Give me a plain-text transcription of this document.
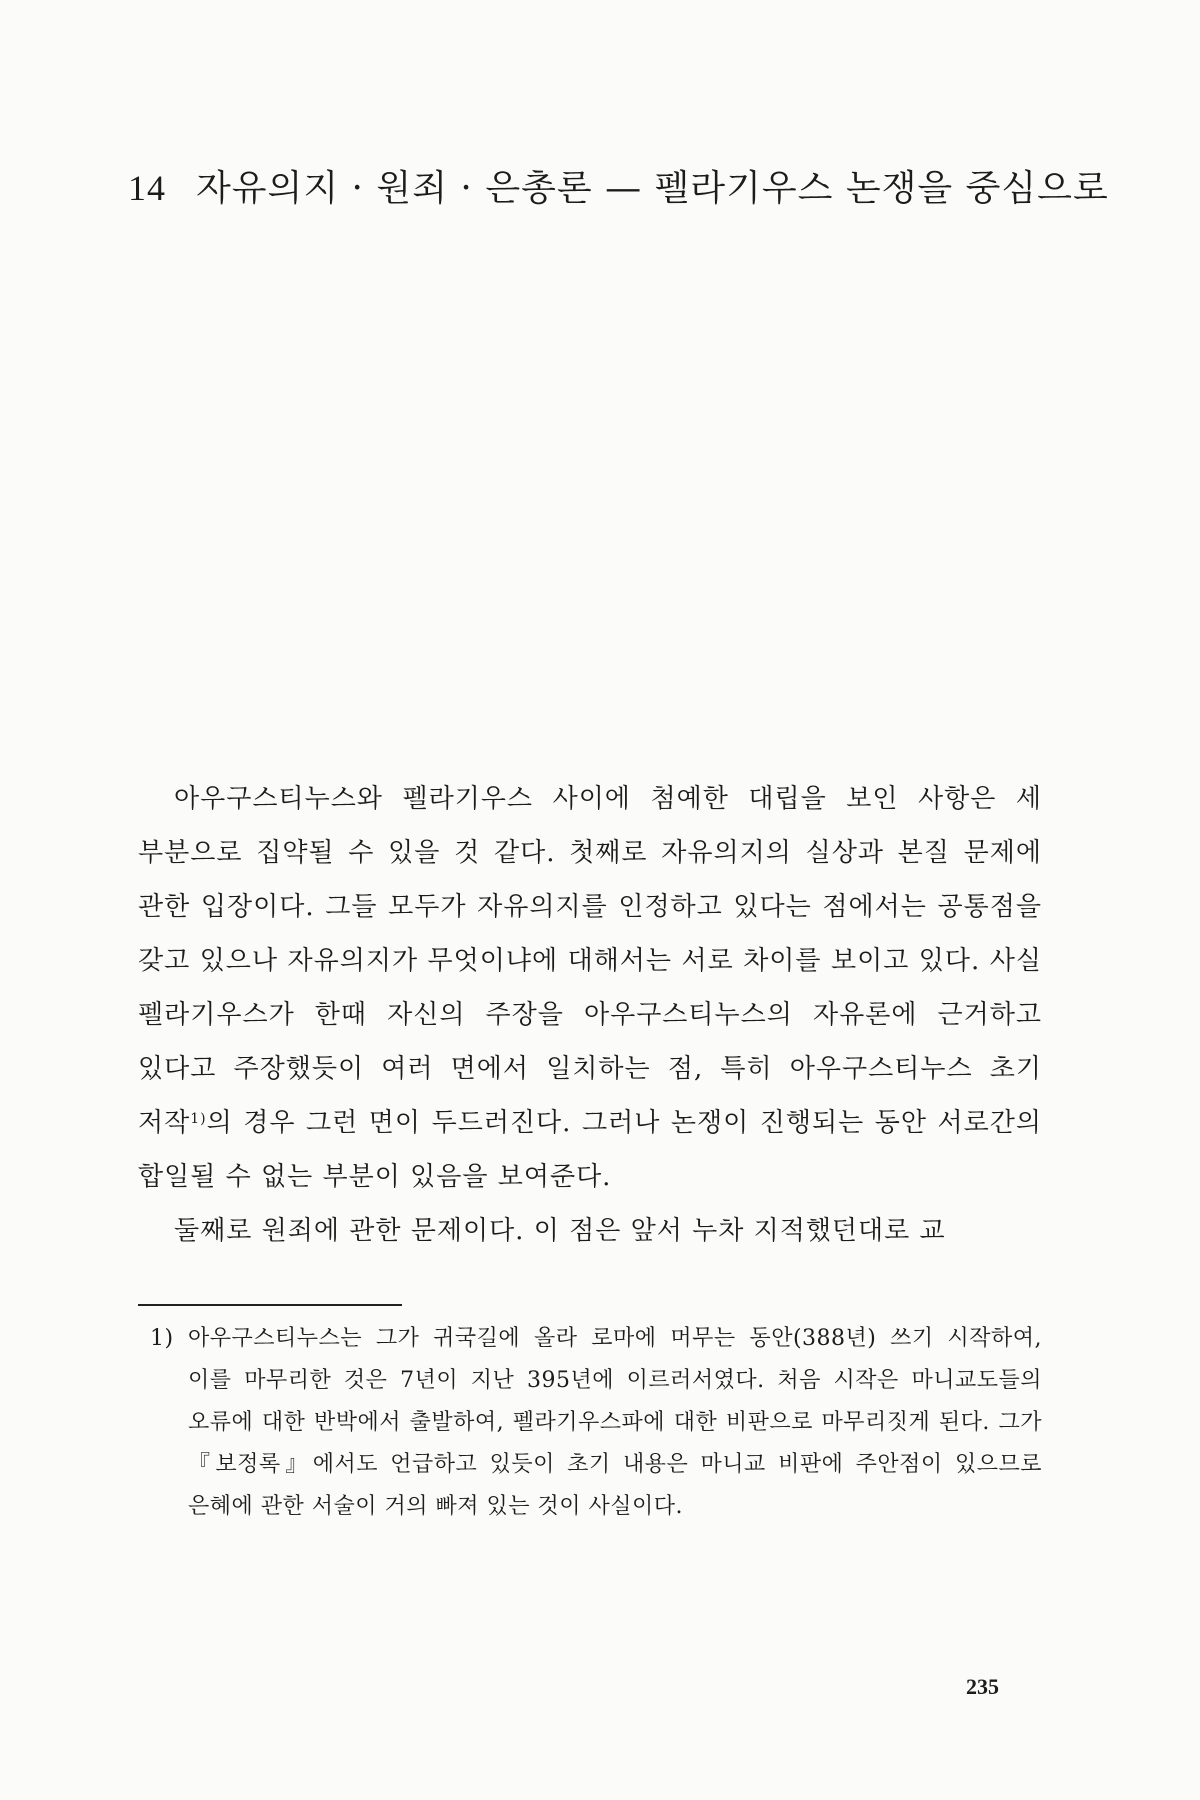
14 자유의지 · 원죄 · 은총론 — 펠라기우스 논쟁을 중심으로

아우구스티누스와 펠라기우스 사이에 첨예한 대립을 보인 사항은 세 부분으로 집약될 수 있을 것 같다. 첫째로 자유의지의 실상과 본질 문제에 관한 입장이다. 그들 모두가 자유의지를 인정하고 있다는 점에서는 공통점을 갖고 있으나 자유의지가 무엇이냐에 대해서는 서로 차이를 보이고 있다. 사실 펠라기우스가 한때 자신의 주장을 아우구스티누스의 자유론에 근거하고 있다고 주장했듯이 여러 면에서 일치하는 점, 특히 아우구스티누스 초기 저작$^{1)}$의 경우 그런 면이 두드러진다. 그러나 논쟁이 진행되는 동안 서로간의 합일될 수 없는 부분이 있음을 보여준다.

둘째로 원죄에 관한 문제이다. 이 점은 앞서 누차 지적했던대로 교

1) 아우구스티누스는 그가 귀국길에 올라 로마에 머무는 동안(388년) 쓰기 시작하여, 이를 마무리한 것은 7년이 지난 395년에 이르러서였다. 처음 시작은 마니교도들의 오류에 대한 반박에서 출발하여, 펠라기우스파에 대한 비판으로 마무리짓게 된다. 그가 『보정록』에서도 언급하고 있듯이 초기 내용은 마니교 비판에 주안점이 있으므로 은혜에 관한 서술이 거의 빠져 있는 것이 사실이다.
235
